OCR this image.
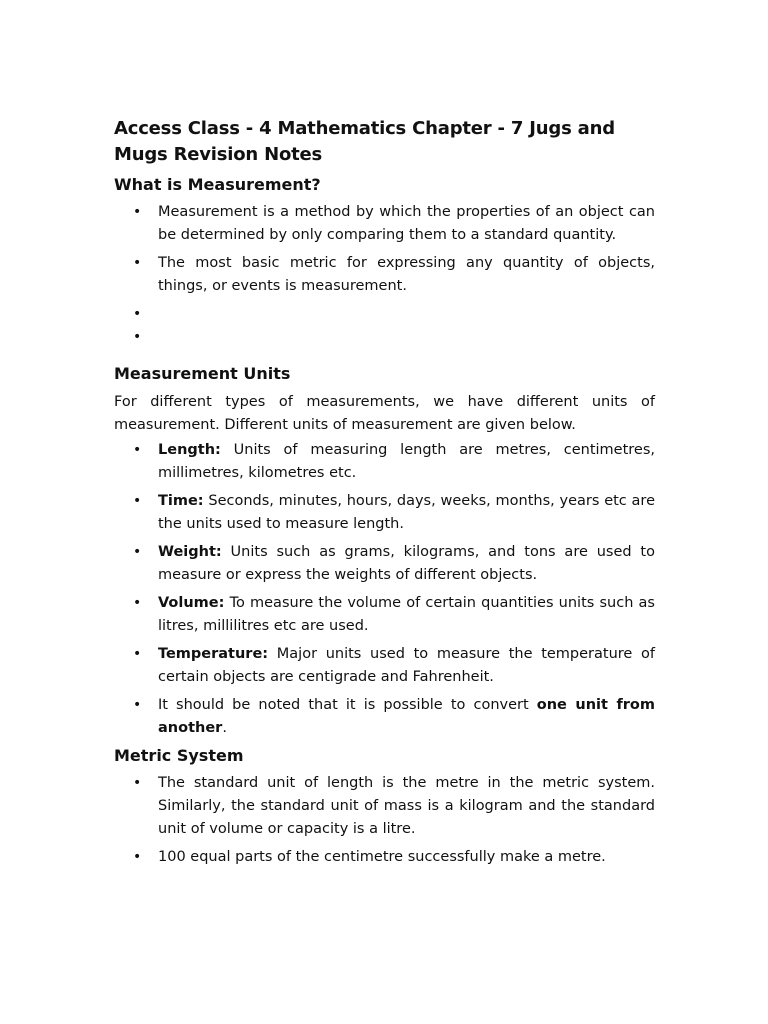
Access Class - 4 Mathematics Chapter - 7 Jugs and Mugs Revision Notes
What is Measurement?
• Measurement is a method by which the properties of an object can be determined by only comparing them to a standard quantity.
• The most basic metric for expressing any quantity of objects, things, or events is measurement.
•
•
Measurement Units

For different types of measurements, we have different units of measurement. Different units of measurement are given below.

• Length: Units of measuring length are metres, centimetres, millimetres, kilometres etc.
• Time: Seconds, minutes, hours, days, weeks, months, years etc are the units used to measure length.
• Weight: Units such as grams, kilograms, and tons are used to measure or express the weights of different objects.
• Volume: To measure the volume of certain quantities units such as litres, millilitres etc are used.
• Temperature: Major units used to measure the temperature of certain objects are centigrade and Fahrenheit.
• It should be noted that it is possible to convert one unit from another.
Metric System
• The standard unit of length is the metre in the metric system. Similarly, the standard unit of mass is a kilogram and the standard unit of volume or capacity is a litre.
• 100 equal parts of the centimetre successfully make a metre.
